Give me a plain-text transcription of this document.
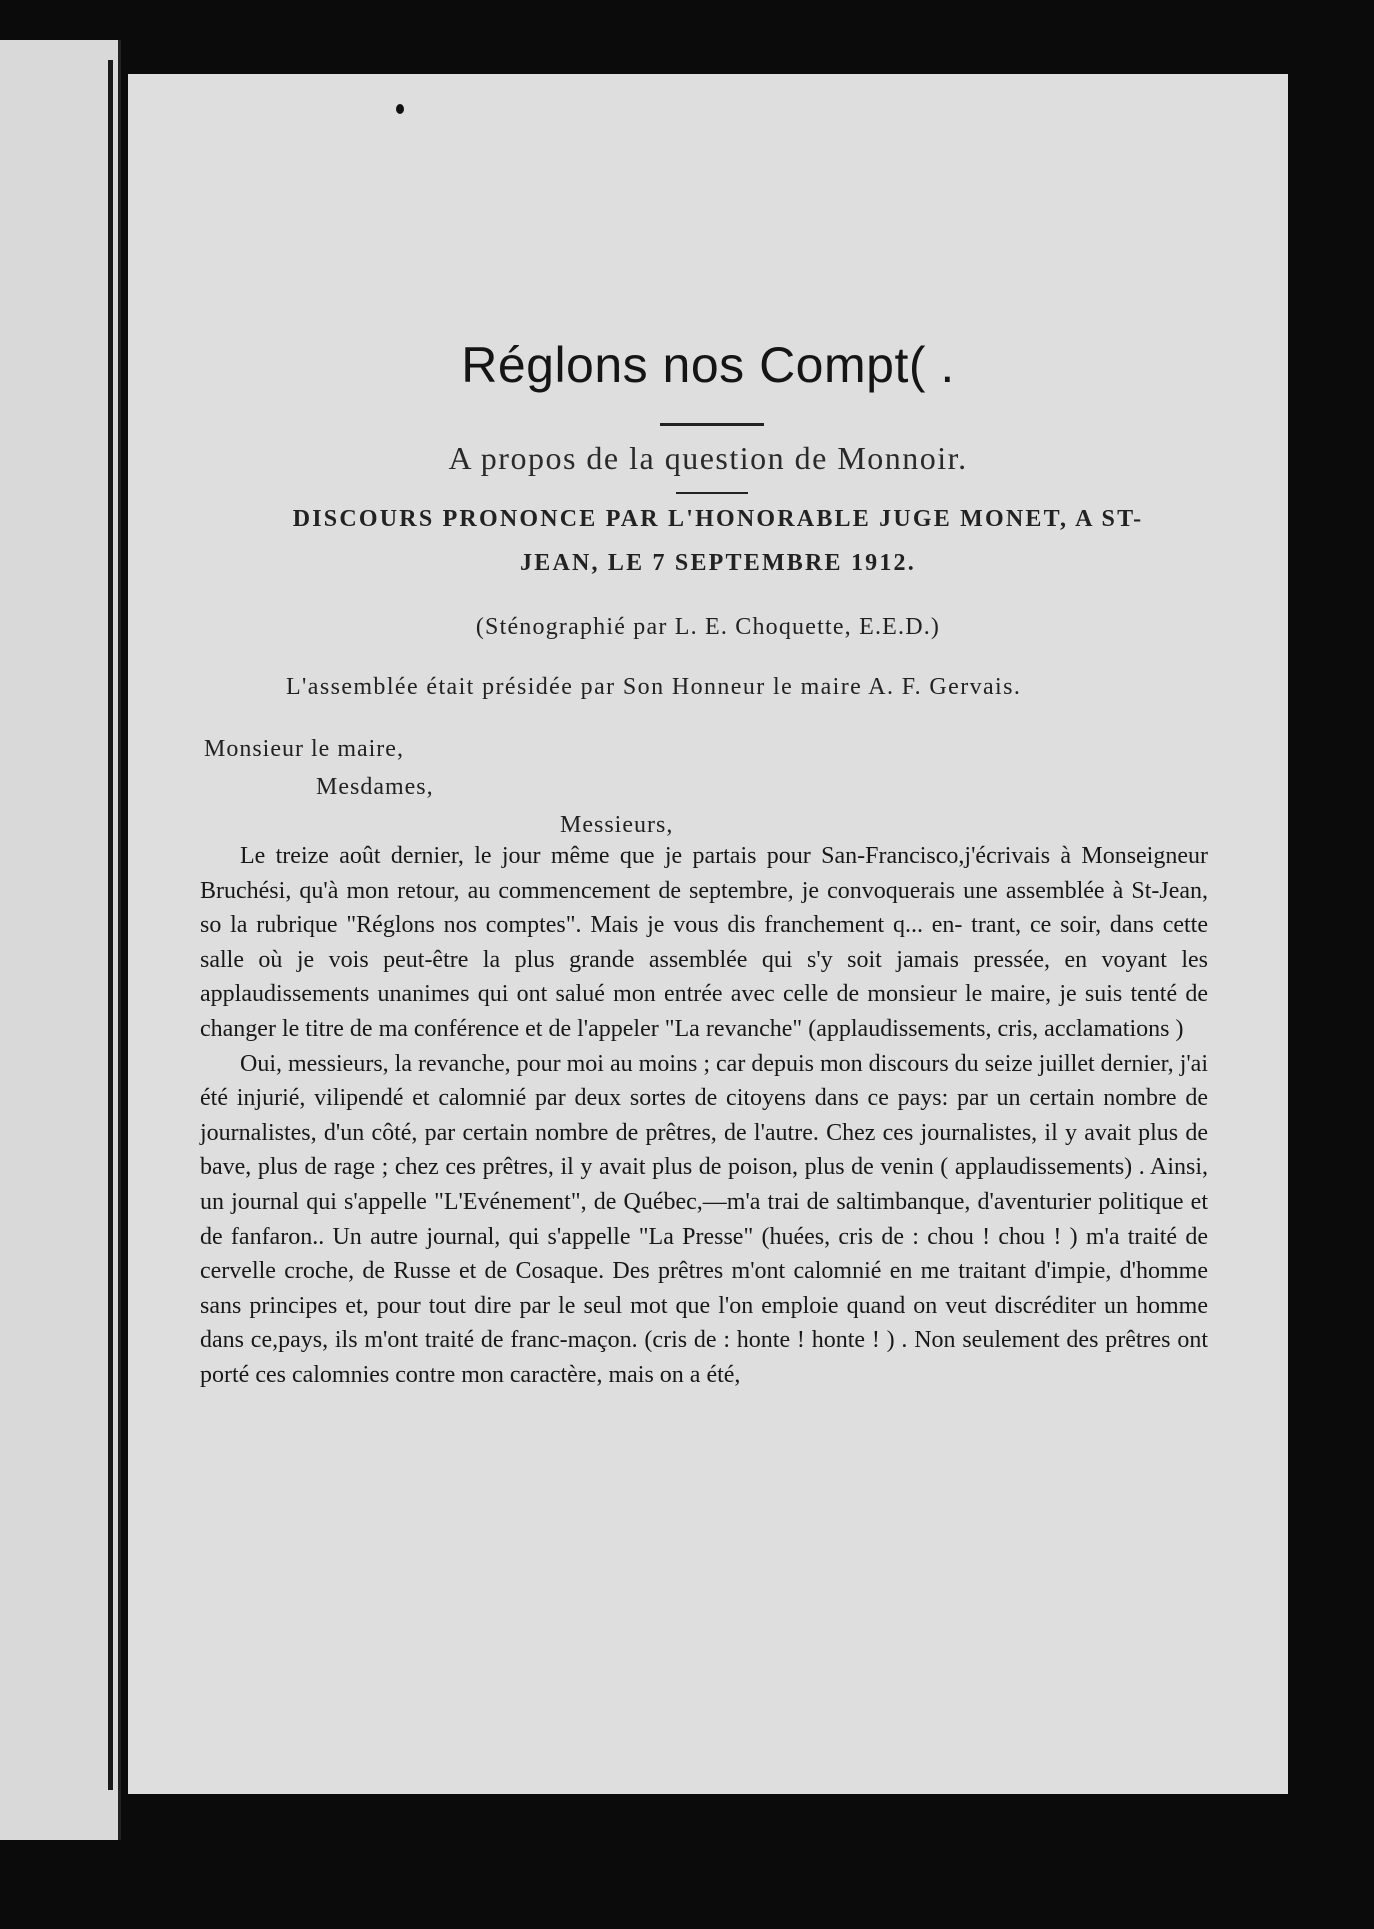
Réglons nos Compt( .
A propos de la question de Monnoir.
DISCOURS PRONONCE PAR L'HONORABLE JUGE MONET, A ST-
JEAN, LE 7 SEPTEMBRE 1912.
(Sténographié par L. E. Choquette, E.E.D.)
L'assemblée était présidée par Son Honneur le maire A. F. Gervais.
Monsieur le maire,
Mesdames,
Messieurs,

Le treize août dernier, le jour même que je partais pour San-Francisco,j'écrivais à Monseigneur Bruchési, qu'à mon retour, au commencement de septembre, je convoquerais une assemblée à St-Jean, so la rubrique "Réglons nos comptes". Mais je vous dis franchement q... en- trant, ce soir, dans cette salle où je vois peut-être la plus grande assemblée qui s'y soit jamais pressée, en voyant les applaudissements unanimes qui ont salué mon entrée avec celle de monsieur le maire, je suis tenté de changer le titre de ma conférence et de l'appeler "La revanche" (applaudissements, cris, acclamations )

Oui, messieurs, la revanche, pour moi au moins ; car depuis mon discours du seize juillet dernier, j'ai été injurié, vilipendé et calomnié par deux sortes de citoyens dans ce pays: par un certain nombre de journalistes, d'un côté, par certain nombre de prêtres, de l'autre. Chez ces journalistes, il y avait plus de bave, plus de rage ; chez ces prêtres, il y avait plus de poison, plus de venin ( applaudissements) . Ainsi, un journal qui s'appelle "L'Evénement", de Québec,—m'a trai de saltimbanque, d'aventurier politique et de fanfaron.. Un autre journal, qui s'appelle "La Presse" (huées, cris de : chou ! chou ! ) m'a traité de cervelle croche, de Russe et de Cosaque. Des prêtres m'ont calomnié en me traitant d'impie, d'homme sans principes et, pour tout dire par le seul mot que l'on emploie quand on veut discréditer un homme dans ce,pays, ils m'ont traité de franc-maçon. (cris de : honte ! honte ! ) . Non seulement des prêtres ont porté ces calomnies contre mon caractère, mais on a été,
